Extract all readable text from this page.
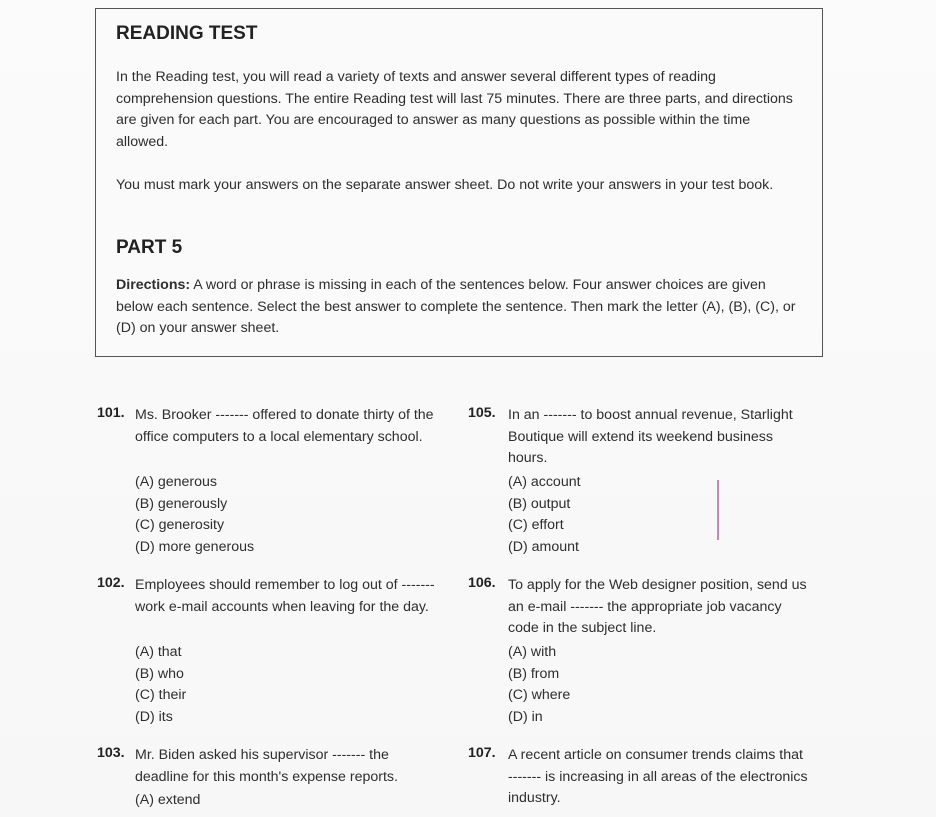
READING TEST

In the Reading test, you will read a variety of texts and answer several different types of reading comprehension questions. The entire Reading test will last 75 minutes. There are three parts, and directions are given for each part. You are encouraged to answer as many questions as possible within the time allowed.

You must mark your answers on the separate answer sheet. Do not write your answers in your test book.

PART 5

Directions: A word or phrase is missing in each of the sentences below. Four answer choices are given below each sentence. Select the best answer to complete the sentence. Then mark the letter (A), (B), (C), or (D) on your answer sheet.

101. Ms. Brooker ------- offered to donate thirty of the office computers to a local elementary school.

(A) generous
(B) generously
(C) generosity
(D) more generous
102. Employees should remember to log out of ------- work e-mail accounts when leaving for the day.

(A) that
(B) who
(C) their
(D) its
103. Mr. Biden asked his supervisor ------- the deadline for this month's expense reports.

(A) extend
105. In an ------- to boost annual revenue, Starlight Boutique will extend its weekend business hours.

(A) account
(B) output
(C) effort
(D) amount
106. To apply for the Web designer position, send us an e-mail ------- the appropriate job vacancy code in the subject line.

(A) with
(B) from
(C) where
(D) in
107. A recent article on consumer trends claims that ------- is increasing in all areas of the electronics industry.
